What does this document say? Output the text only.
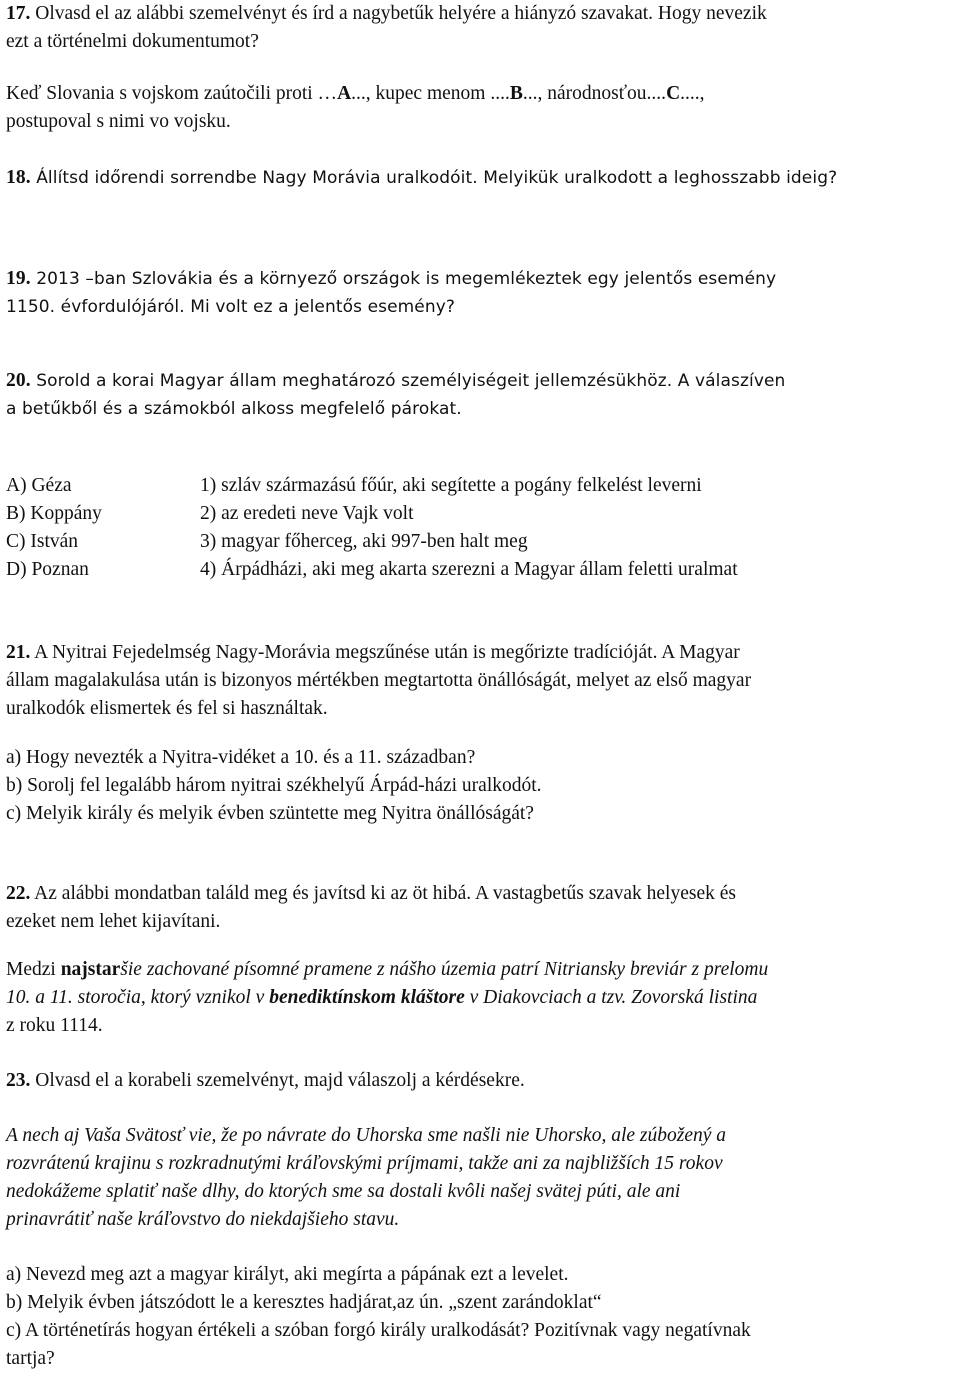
17. Olvasd el az alábbi szemelvényt és írd a nagybetűk helyére a hiányzó szavakat. Hogy nevezik
ezt a történelmi dokumentumot?
Keď Slovania s vojskom zaútočili proti …A..., kupec menom ....B..., národnosťou....C....,
postupoval s nimi vo vojsku.
18. Állítsd időrendi sorrendbe Nagy Morávia uralkodóit. Melyikük uralkodott a leghosszabb ideig?
19. 2013 –ban Szlovákia és a környező országok is megemlékeztek egy jelentős esemény
1150. évfordulójáról. Mi volt ez a jelentős esemény?
20. Sorold a korai Magyar állam meghatározó személyiségeit jellemzésükhöz. A válaszíven
a betűkből és a számokból alkoss megfelelő párokat.
A) Géza	1) szláv származású főúr, aki segítette a pogány felkelést leverni
B) Koppány	2) az eredeti neve Vajk volt
C) István	3) magyar főherceg, aki 997-ben halt meg
D) Poznan	4) Árpádházi, aki meg akarta szerezni a Magyar állam feletti uralmat
21. A Nyitrai Fejedelmség Nagy-Morávia megszűnése után is megőrizte tradícióját. A Magyar
állam magalakulása után is bizonyos mértékben megtartotta önállóságát, melyet az első magyar
uralkodók elismertek és fel si használtak.
a) Hogy nevezték a Nyitra-vidéket a 10. és a 11. században?
b) Sorolj fel legalább három nyitrai székhelyű Árpád-házi uralkodót.
c) Melyik király és melyik évben szüntette meg Nyitra önállóságát?
22. Az alábbi mondatban találd meg és javítsd ki az öt hibá. A vastagbetűs szavak helyesek és
ezeket nem lehet kijavítani.
Medzi najstaršie zachované písomné pramene z nášho územia patrí Nitriansky breviár z prelomu
10. a 11. storočia, ktorý vznikol v benediktínskom kláštore v Diakovciach a tzv. Zovorská listina
z roku 1114.
23. Olvasd el a korabeli szemelvényt, majd válaszolj a kérdésekre.
A nech aj Vaša Svätosť vie, že po návrate do Uhorska sme našli nie Uhorsko, ale zúbožený a
rozvrátenú krajinu s rozkradnutými kráľovskými príjmami, takže ani za najbližších 15 rokov
nedokážeme splatiť naše dlhy, do ktorých sme sa dostali kvôli našej svätej púti, ale ani
prinavrátiť naše kráľovstvo do niekdajšieho stavu.
a) Nevezd meg azt a magyar királyt, aki megírta a pápának ezt a levelet.
b) Melyik évben játszódott le a keresztes hadjárat,az ún. „szent zarándoklat“
c) A történetírás hogyan értékeli a szóban forgó király uralkodását? Pozitívnak vagy negatívnak
tartja?
